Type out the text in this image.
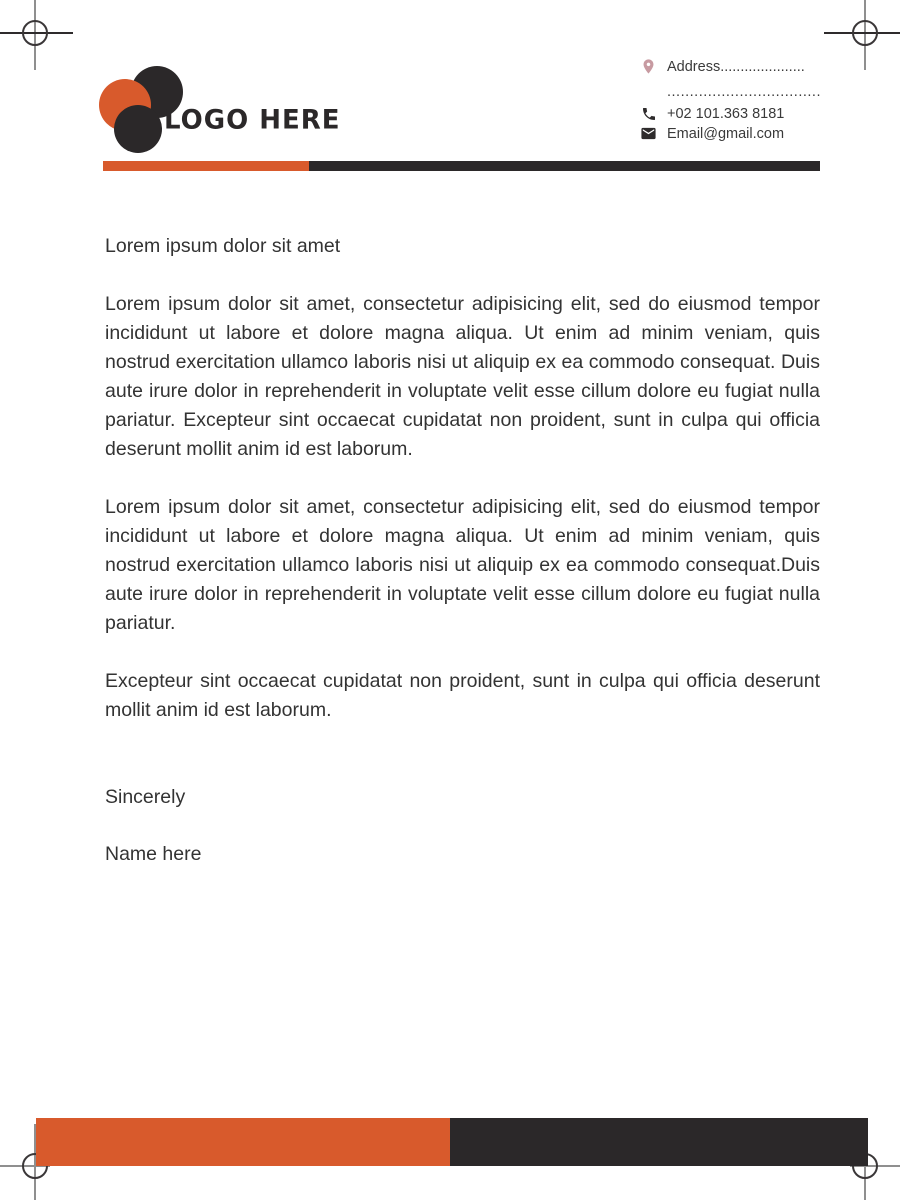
LOGO HERE
Address.....................
..................................
+02 101.363 8181
Email@gmail.com
Lorem ipsum dolor sit amet

Lorem ipsum dolor sit amet, consectetur adipisicing elit, sed do eiusmod tempor incididunt ut labore et dolore magna aliqua. Ut enim ad minim veniam, quis nostrud exercitation ullamco laboris nisi ut aliquip ex ea commodo consequat. Duis aute irure dolor in reprehenderit in voluptate velit esse cillum dolore eu fugiat nulla pariatur. Excepteur sint occaecat cupidatat non proident, sunt in culpa qui officia deserunt mollit anim id est laborum.

Lorem ipsum dolor sit amet, consectetur adipisicing elit, sed do eiusmod tempor incididunt ut labore et dolore magna aliqua. Ut enim ad minim veniam, quis nostrud exercitation ullamco laboris nisi ut aliquip ex ea commodo consequat.Duis aute irure dolor in reprehenderit in voluptate velit esse cillum dolore eu fugiat nulla pariatur.

Excepteur sint occaecat cupidatat non proident, sunt in culpa qui officia deserunt mollit anim id est laborum.

Sincerely
Name here
